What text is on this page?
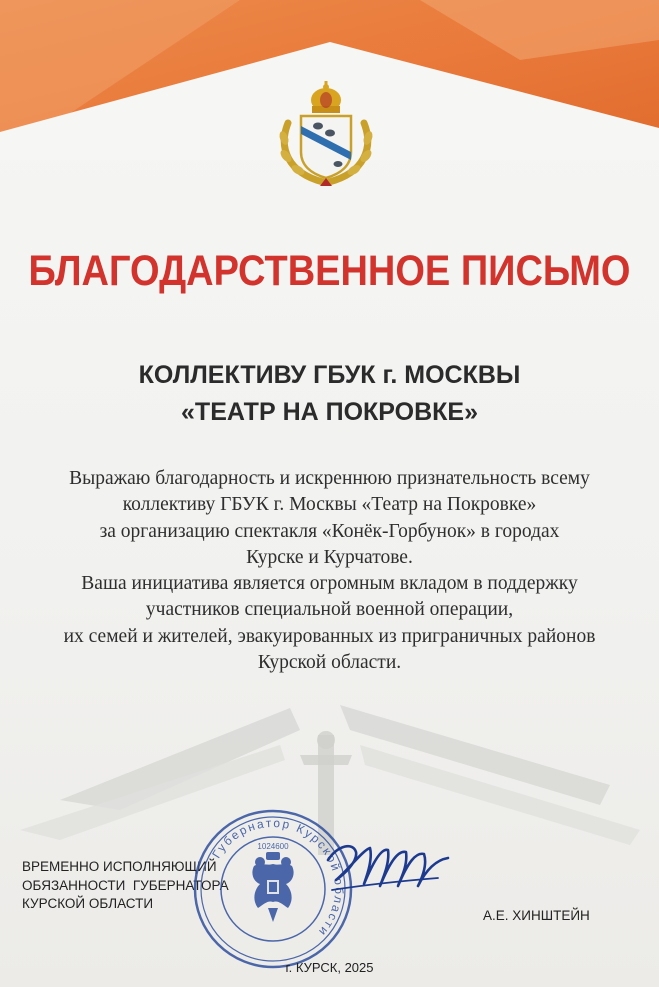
БЛАГОДАРСТВЕННОЕ ПИСЬМО
КОЛЛЕКТИВУ ГБУК г. МОСКВЫ
«ТЕАТР НА ПОКРОВКЕ»
Выражаю благодарность и искреннюю признательность всему
коллективу ГБУК г. Москвы «Театр на Покровке»
за организацию спектакля «Конёк-Горбунок» в городах
Курске и Курчатове.
Ваша инициатива является огромным вкладом в поддержку
участников специальной военной операции,
их семей и жителей, эвакуированных из приграничных районов
Курской области.
ВРЕМЕННО ИСПОЛНЯЮЩИЙ
ОБЯЗАННОСТИ  ГУБЕРНАТОРА
КУРСКОЙ ОБЛАСТИ
Губернатор Курской области
1024600
А.Е. ХИНШТЕЙН
г. КУРСК, 2025
